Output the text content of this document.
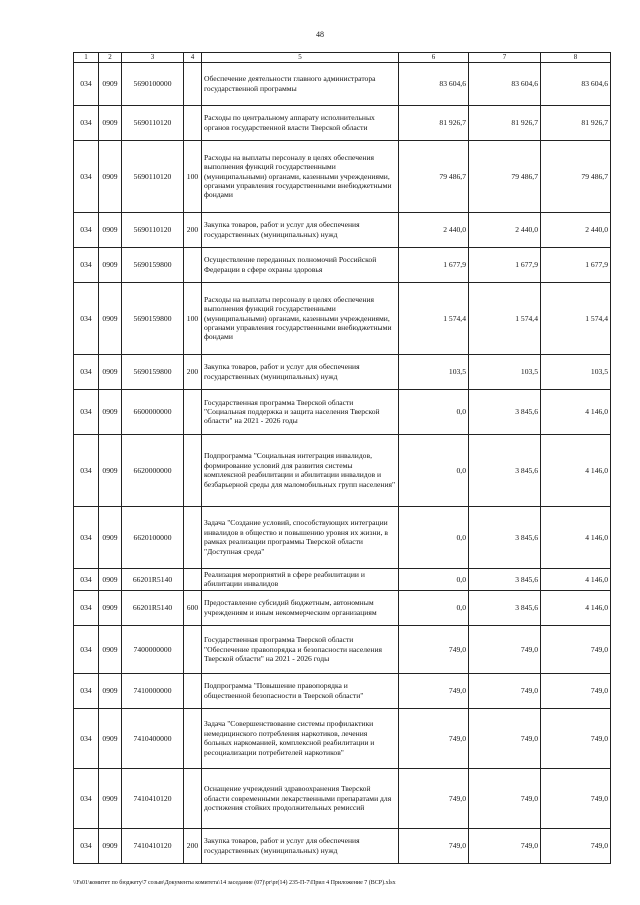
48
1	2	3	4	5	6	7	8
034	0909	5690100000		Обеспечение деятельности главного администратора государственной программы	83 604,6	83 604,6	83 604,6
034	0909	5690110120		Расходы по центральному аппарату исполнительных органов государственной власти Тверской области	81 926,7	81 926,7	81 926,7
034	0909	5690110120	100	Расходы на выплаты персоналу в целях обеспечения выполнения функций государственными (муниципальными) органами, казенными учреждениями, органами управления государственными внебюджетными фондами	79 486,7	79 486,7	79 486,7
034	0909	5690110120	200	Закупка товаров, работ и услуг для обеспечения государственных (муниципальных) нужд	2 440,0	2 440,0	2 440,0
034	0909	5690159800		Осуществление переданных полномочий Российской Федерации в сфере охраны здоровья	1 677,9	1 677,9	1 677,9
034	0909	5690159800	100	Расходы на выплаты персоналу в целях обеспечения выполнения функций государственными (муниципальными) органами, казенными учреждениями, органами управления государственными внебюджетными фондами	1 574,4	1 574,4	1 574,4
034	0909	5690159800	200	Закупка товаров, работ и услуг для обеспечения государственных (муниципальных) нужд	103,5	103,5	103,5
034	0909	6600000000		Государственная программа Тверской области "Социальная поддержка и защита населения Тверской области" на 2021 - 2026 годы	0,0	3 845,6	4 146,0
034	0909	6620000000		Подпрограмма "Социальная интеграция инвалидов, формирование условий для развития системы комплексной реабилитации и абилитации инвалидов и безбарьерной среды для маломобильных групп населения"	0,0	3 845,6	4 146,0
034	0909	6620100000		Задача "Создание условий, способствующих интеграции инвалидов в общество и повышению уровня их жизни, в рамках реализации программы Тверской области "Доступная среда"	0,0	3 845,6	4 146,0
034	0909	66201R5140		Реализация мероприятий в сфере реабилитации и абилитации инвалидов	0,0	3 845,6	4 146,0
034	0909	66201R5140	600	Предоставление субсидий бюджетным, автономным учреждениям и иным некоммерческим организациям	0,0	3 845,6	4 146,0
034	0909	7400000000		Государственная программа Тверской области "Обеспечение правопорядка и безопасности населения Тверской области" на 2021 - 2026 годы	749,0	749,0	749,0
034	0909	7410000000		Подпрограмма "Повышение правопорядка и общественной безопасности в Тверской области"	749,0	749,0	749,0
034	0909	7410400000		Задача "Совершенствование системы профилактики немедицинского потребления наркотиков, лечения больных наркоманией, комплексной реабилитации и ресоциализации потребителей наркотиков"	749,0	749,0	749,0
034	0909	7410410120		Оснащение учреждений здравоохранения Тверской области современными лекарственными препаратами для достижения стойких продолжительных ремиссий	749,0	749,0	749,0
034	0909	7410410120	200	Закупка товаров, работ и услуг для обеспечения государственных (муниципальных) нужд	749,0	749,0	749,0
\\Fs01\комитет по бюджету\7 созыв\Документы комитета\14 заседание (07)\pr\pr(14) 235-П-7\Прил 4 Приложение 7 (ВСР).xlsx
